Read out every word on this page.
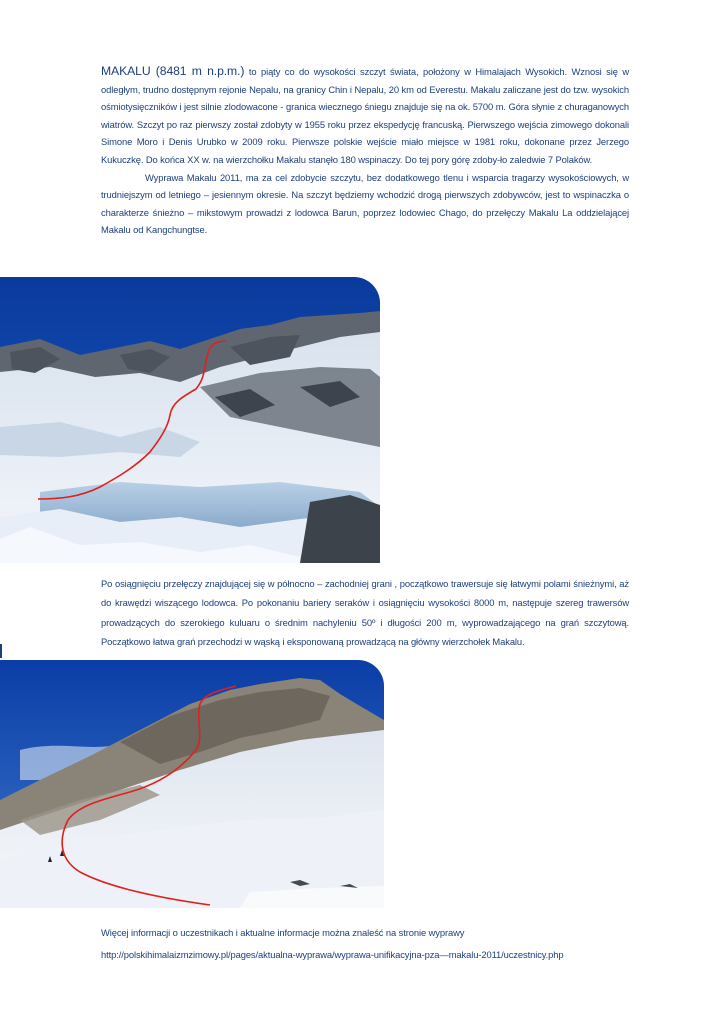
MAKALU (8481 m n.p.m.) to piąty co do wysokości szczyt świata, położony w Himalajach Wysokich. Wznosi się w odległym, trudno dostępnym rejonie Nepalu, na granicy Chin i Nepalu, 20 km od Everestu. Makalu zaliczane jest do tzw. wysokich ośmiotysięczników i jest silnie zlodowacone - granica wiecznego śniegu znajduje się na ok. 5700 m. Góra słynie z churaganowych wiatrów. Szczyt po raz pierwszy został zdobyty w 1955 roku przez ekspedycję francuską. Pierwszego wejścia zimowego dokonali Simone Moro i Denis Urubko w 2009 roku. Pierwsze polskie wejście miało miejsce w 1981 roku, dokonane przez Jerzego Kukuczkę. Do końca XX w. na wierzchołku Makalu stanęło 180 wspinaczy. Do tej pory górę zdoby-ło zaledwie 7 Polaków.
Wyprawa Makalu 2011, ma za cel zdobycie szczytu, bez dodatkowego tlenu i wsparcia tragarzy wysokościowych, w trudniejszym od letniego – jesiennym okresie. Na szczyt będziemy wchodzić drogą pierwszych zdobywców, jest to wspinaczka o charakterze śnieżno – mikstowym prowadzi z lodowca Barun, poprzez lodowiec Chago, do przełęczy Makalu La oddzielającej Makalu od Kangchungtse.
Po osiągnięciu przełęczy znajdującej się w północno – zachodniej grani , początkowo trawersuje się łatwymi polami śnieżnymi, aż do krawędzi wiszącego lodowca. Po pokonaniu bariery seraków i osiągnięciu wysokości 8000 m, następuje szereg trawersów prowadzących do szerokiego kuluaru o średnim nachyleniu 50º i długości 200 m, wyprowadzającego na grań szczytową. Początkowo łatwa grań przechodzi w wąską i eksponowaną prowadzącą na główny wierzchołek Makalu.
Więcej informacji o uczestnikach i aktualne informacje można znaleść na stronie wyprawy
http://polskihimalaizmzimowy.pl/pages/aktualna-wyprawa/wyprawa-unifikacyjna-pza—makalu-2011/uczestnicy.php
